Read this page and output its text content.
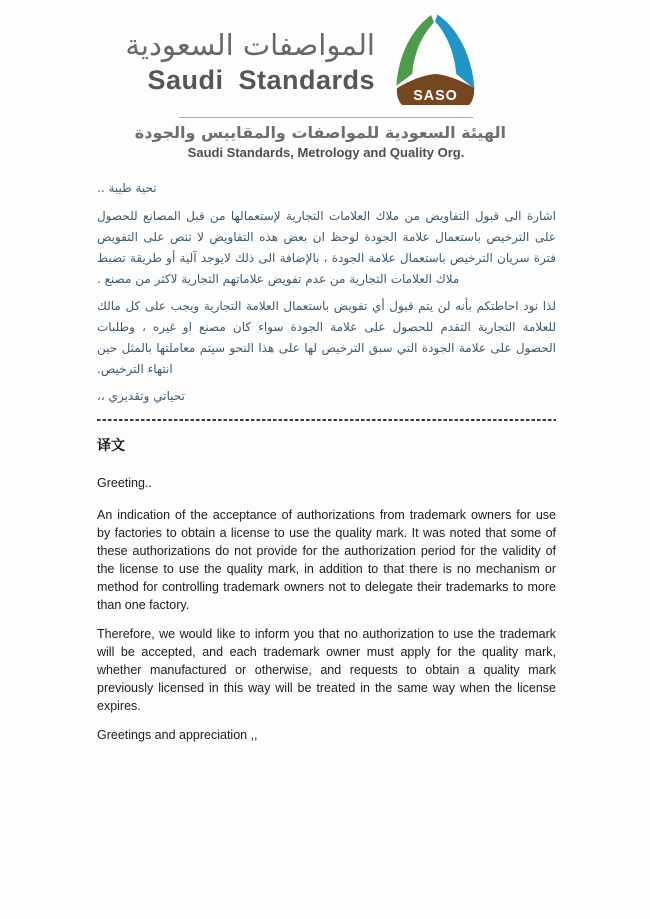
المواصفات السعودية
Saudi Standards
SASO
الهيئة السعودية للمواصفات والمقاييس والجودة
Saudi Standards, Metrology and Quality Org.
تحية طيبة ..
اشارة الى قبول التفاويض من ملاك العلامات التجارية لإستعمالها من قبل المصانع للحصول على الترخيص باستعمال علامة الجودة لوحظ ان بعض هذه التفاويض لا تنص على التفويض فترة سريان الترخيص باستعمال علامة الجودة ، بالإضافة الى ذلك لايوجد آلية أو طريقة تضبط ملاك العلامات التجارية من عدم تفويض علاماتهم التجارية لاكثر من مصنع .
لذا نود احاطتكم بأنه لن يتم قبول أي تفويض باستعمال العلامة التجارية ويجب على كل مالك للعلامة التجارية التقدم للحصول على علامة الجودة سواء كان مصنع او غيره ، وطلبات الحصول على علامة الجودة التي سبق الترخيص لها على هذا النحو سيتم معاملتها بالمثل حين انتهاء الترخيص.
تحياتي وتقديري ،،
译文
Greeting..
An indication of the acceptance of authorizations from trademark owners for use by factories to obtain a license to use the quality mark. It was noted that some of these authorizations do not provide for the authorization period for the validity of the license to use the quality mark, in addition to that there is no mechanism or method for controlling trademark owners not to delegate their trademarks to more than one factory.
Therefore, we would like to inform you that no authorization to use the trademark will be accepted, and each trademark owner must apply for the quality mark, whether manufactured or otherwise, and requests to obtain a quality mark previously licensed in this way will be treated in the same way when the license expires.
Greetings and appreciation ,,
